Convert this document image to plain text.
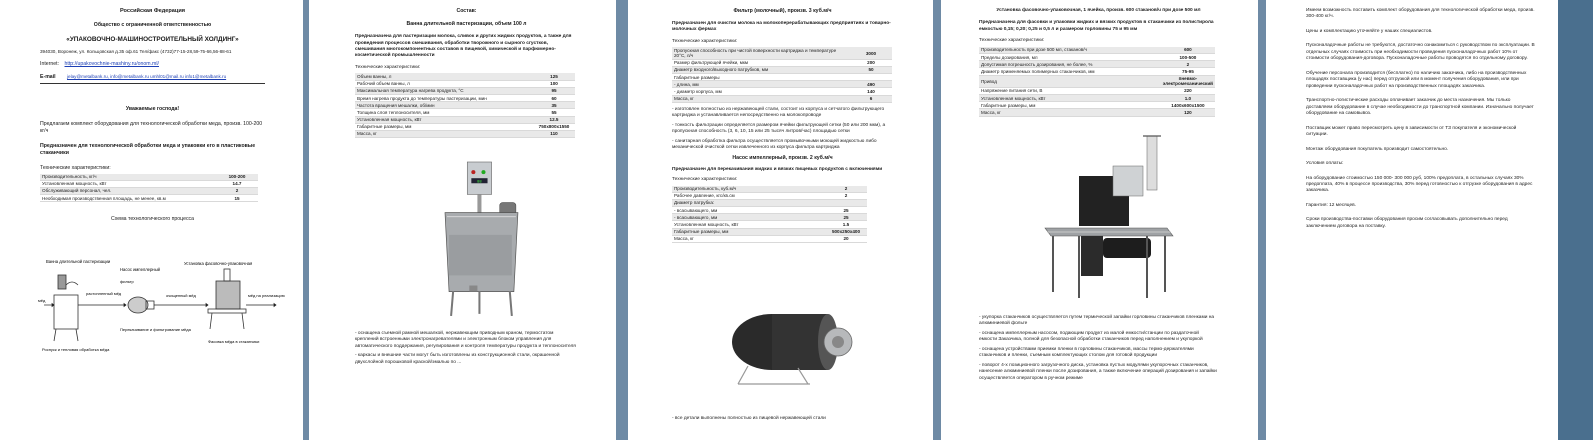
Российская Федерация
Общество с ограниченной ответственностью
«УПАКОВОЧНО-МАШИНОСТРОИТЕЛЬНЫЙ ХОЛДИНГ»
394030, Воронеж, ул. Кольцовская д.35 оф.61 Тел/факс (4732)77-15-28,59-75-66,56-88-61
Internet: http://upakovochnie-mashiny.ru/onom.ml/
E-mail jelay@metalbank.ru, info@metalbank.ru umhl01@mail.ru info1@metalbank.ru
Уважаемые господа!
Предлагаем комплект оборудования для технологической обработки меда, произв. 100-200 кг/ч
Предназначен для технологической обработки меда и упаковки его в пластиковые стаканчики
Технические характеристики:
Производительность, кг/ч	100-200
Установленная мощность, кВт	14.7
Обслуживающий персонал, чел.	2
Необходимая производственная площадь, не менее, кв.м	15
Схема технологического процесса
Ванна длительной пастеризации
Насос импеллерный
Установка фасовочно-упаковочная
мёд
фильтр
растопленный мёд	очищенный мёд	мёд на реализацию
Роспуск и тепловая обработка мёда
Перекачивание и фильтрование мёда
Фасовка мёда в стаканчики
Состав:
Ванна длительной пастеризации, объем 100 л
Предназначена для пастеризации молока, сливок и других жидких продуктов, а также для проведения процессов смешивания, обработки творожного и сырного сгустков, смешивания многокомпонентных составов в пищевой, химической и парфюмерно-косметической промышленности
Технические характеристики:
Объем ванны, л	125
Рабочий объем ванны, л	100
Максимальная температура нагрева продукта, °С	95
Время нагрева продукта до температуры пастеризации, мин	60
Частота вращения мешалки, об/мин	35
Толщина слоя теплоносителя, мм	55
Установленная мощность, кВт	12.5
Габаритные размеры, мм	750х800х1550
Масса, кг	110
88

- оснащена съемной рамной мешалкой, нержавеющим приводным краном, термостатом креплений встроенными электронагревателями и электронным блоком управления для автоматического поддержания, регулирования и контроля температуры продукта и теплоносителя

- каркасы и внешние части могут быть изготовлены из конструкционной стали, окрашенной двухслойной порошковой краской/эмалью по ...

Фильтр (молочный), произв. 3 куб.м/ч
Предназначен для очистки молока на молокоперерабатывающих предприятиях и товарно-молочных фермах
Технические характеристики:
Пропускная способность при чистой поверхности картриджа и температуре 20°С, л/ч	3000
Размер фильтрующей ячейки, мкм	200
Диаметр входного/выходного патрубков, мм	50
Габаритные размеры	
- длина, мм	490
- диаметр корпуса, мм	140
Масса, кг	6

- изготовлен полностью из нержавеющей стали, состоит из корпуса и сетчатого фильтрующего картриджа и устанавливается непосредственно на молокопроводе

- тонкость фильтрации определяется размером ячейки фильтрующей сетки (50 или 200 мкм), а пропускная способность (3, 6, 10, 15 или 25 тысяч литров/час) площадью сетки

- санитарная обработка фильтра осуществляется промывочными моющей жидкостью либо механической очисткой сетки извлеченного из корпуса фильтра картриджа

Насос импеллерный, произв. 2 куб.м/ч
Предназначен для перекачивания жидких и вязких пищевых продуктов с включениями
Технические характеристики:
Производительность, куб.м/ч	2
Рабочее давление, кгс/кв.см	2
Диаметр патрубка:	
- всасывающего, мм	25
- всасывающего, мм	25
Установленная мощность, кВт	1.5
Габаритные размеры, мм	500х250х400
Масса, кг	20

- все детали выполнены полностью из пищевой нержавеющей стали

Установка фасовочно-упаковочная, 1 ячейка, произв. 600 стаканов/ч при дозе 500 мл
Предназначена для фасовки и упаковки жидких и вязких продуктов в стаканчики из полистирола емкостью 0,15; 0,20; 0,25 и 0,5 л и размером горловины 75 и 95 мм
Технические характеристики:
Производительность при дозе 500 мл, стаканов/ч	600
Пределы дозирования, мл	100-500
Допустимая погрешность дозирования, не более, %	2
Диаметр применяемых полимерных стаканчиков, мм	75-95
Привод	пневмо-электромеханический
Напряжение питания сети, В	220
Установленная мощность, кВт	1.0
Габаритные размеры, мм	1400х600х1500
Масса, кг	120

- укупорка стаканчиков осуществляется путем термической запайки горловины стаканчиков пленками на алюминиевой фольге

- оснащена импеллерным насосом, подающим продукт из малой емкости/станции по раздаточной емкости Заказчика, полной для безопасной обработки стаканчиков перед наполнением и укупоркой

- оснащена устройствами приемки пленки в горловины стаканчиков, массы термо-держателями стаканчиков и пленки, съемным комплектующих столом для готовой продукции

- поворот 4-х позиционного загрузочного диска, установка пустых модулями укупорочных стаканчиков, нанесение алюминиевой пленки после дозирования, а также включение операций дозирования и запайки осуществляется оператором в ручном режиме

Имеем возможность поставить комплект оборудования для технологической обработки меда, произв. 300-400 кг/ч.

Цены и комплектацию уточняйте у наших специалистов.

Пусконаладочные работы не требуются, достаточно ознакомиться с руководством по эксплуатации. В отдельных случаях стоимость при необходимости проведения пусконаладочных работ 10% от стоимости оборудования-договора. Пусконаладочные работы проводятся по отдельному договору.

Обучение персонала производится (бесплатно) по наличию заказчика, либо на производственных площадях поставщика (у нас) перед отгрузкой или в момент получения оборудования, или при проведении пусконаладочных работ на производственных площадях заказчика.

Транспортно-логистические расходы оплачивает заказчик до места назначения. Мы только доставляем оборудование в случае необходимости до транспортной компании. Изначально получает оборудование на самовывоз.

Поставщик может право пересмотреть цену в зависимости от ТЗ покупателя и экономической ситуации.

Монтаж оборудования покупатель производит самостоятельно.

Условия оплаты:

На оборудование стоимостью 150 000- 300 000 руб, 100% предоплата, в остальных случаях 30% предоплата, 40% в процессе производства, 30% перед готовностью к отгрузке оборудования в адрес заказчика.

Гарантия: 12 месяцев.

Сроки производства-поставки оборудования просим согласовывать дополнительно перед заключением договора на поставку.
